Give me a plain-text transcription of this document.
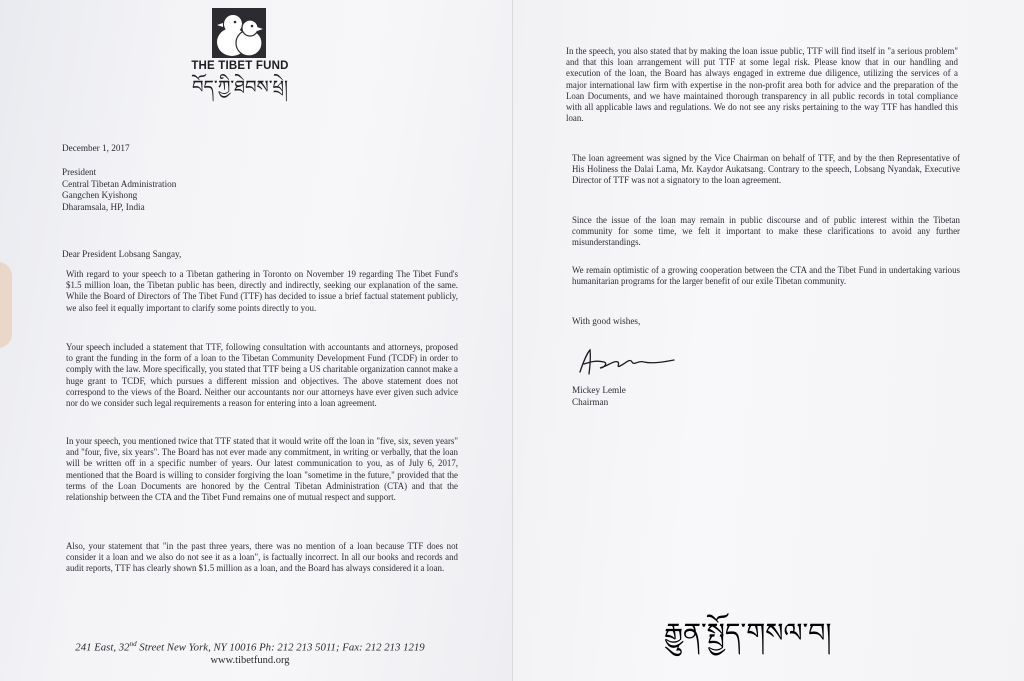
THE TIBET FUND
བོད་ཀྱི་ཐེབས་ཕྲེ།
December 1, 2017
President
Central Tibetan Administration
Gangchen Kyishong
Dharamsala, HP, India
Dear President Lobsang Sangay,
With regard to your speech to a Tibetan gathering in Toronto on November 19 regarding The Tibet Fund's $1.5 million loan, the Tibetan public has been, directly and indirectly, seeking our explanation of the same. While the Board of Directors of The Tibet Fund (TTF) has decided to issue a brief factual statement publicly, we also feel it equally important to clarify some points directly to you.
Your speech included a statement that TTF, following consultation with accountants and attorneys, proposed to grant the funding in the form of a loan to the Tibetan Community Development Fund (TCDF) in order to comply with the law. More specifically, you stated that TTF being a US charitable organization cannot make a huge grant to TCDF, which pursues a different mission and objectives. The above statement does not correspond to the views of the Board. Neither our accountants nor our attorneys have ever given such advice nor do we consider such legal requirements a reason for entering into a loan agreement.
In your speech, you mentioned twice that TTF stated that it would write off the loan in "five, six, seven years" and "four, five, six years". The Board has not ever made any commitment, in writing or verbally, that the loan will be written off in a specific number of years. Our latest communication to you, as of July 6, 2017, mentioned that the Board is willing to consider forgiving the loan "sometime in the future," provided that the terms of the Loan Documents are honored by the Central Tibetan Administration (CTA) and that the relationship between the CTA and the Tibet Fund remains one of mutual respect and support.
Also, your statement that "in the past three years, there was no mention of a loan because TTF does not consider it a loan and we also do not see it as a loan", is factually incorrect. In all our books and records and audit reports, TTF has clearly shown $1.5 million as a loan, and the Board has always considered it a loan.
241 East, 32nd Street New York, NY 10016 Ph: 212 213 5011; Fax: 212 213 1219
www.tibetfund.org
In the speech, you also stated that by making the loan issue public, TTF will find itself in "a serious problem" and that this loan arrangement will put TTF at some legal risk. Please know that in our handling and execution of the loan, the Board has always engaged in extreme due diligence, utilizing the services of a major international law firm with expertise in the non-profit area both for advice and the preparation of the Loan Documents, and we have maintained thorough transparency in all public records in total compliance with all applicable laws and regulations. We do not see any risks pertaining to the way TTF has handled this loan.
The loan agreement was signed by the Vice Chairman on behalf of TTF, and by the then Representative of His Holiness the Dalai Lama, Mr. Kaydor Aukatsang. Contrary to the speech, Lobsang Nyandak, Executive Director of TTF was not a signatory to the loan agreement.
Since the issue of the loan may remain in public discourse and of public interest within the Tibetan community for some time, we felt it important to make these clarifications to avoid any further misunderstandings.
We remain optimistic of a growing cooperation between the CTA and the Tibet Fund in undertaking various humanitarian programs for the larger benefit of our exile Tibetan community.
With good wishes,
Mickey Lemle
Chairman
རྒྱུན་སྤྱོད་གསལ་བ།
